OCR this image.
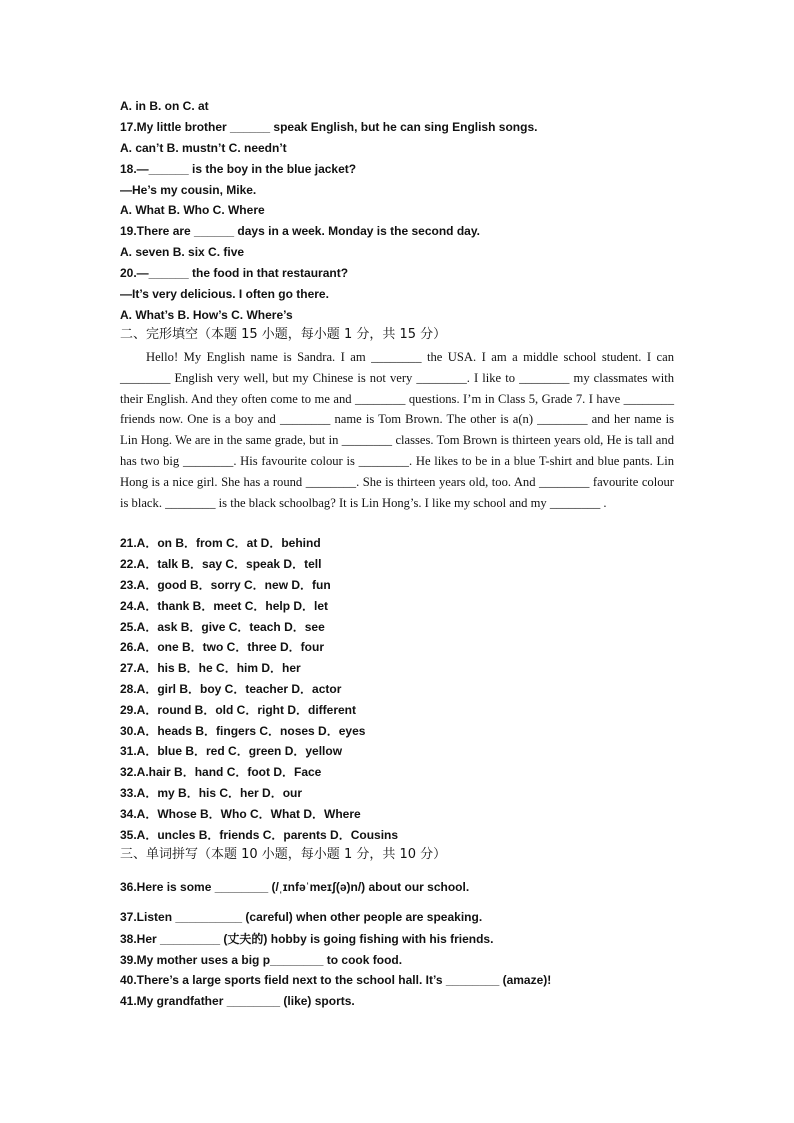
A. in B. on C. at
17.My little brother ______ speak English, but he can sing English songs.
A. can’t B. mustn’t C. needn’t
18.—______ is the boy in the blue jacket?
—He’s my cousin, Mike.
A. What B. Who C. Where
19.There are ______ days in a week. Monday is the second day.
A. seven B. six C. five
20.—______ the food in that restaurant?
—It’s very delicious. I often go there.
A. What’s B. How’s C. Where’s
二、完形填空（本题 15 小题，每小题 1 分，共 15 分）
Hello! My English name is Sandra. I am ________ the USA. I am a middle school student. I can ________ English very well, but my Chinese is not very ________. I like to ________ my classmates with their English. And they often come to me and ________ questions. I’m in Class 5, Grade 7. I have ________ friends now. One is a boy and ________ name is Tom Brown. The other is a(n) ________ and her name is Lin Hong. We are in the same grade, but in ________ classes. Tom Brown is thirteen years old, He is tall and has two big ________. His favourite colour is ________. He likes to be in a blue T-shirt and blue pants. Lin Hong is a nice girl. She has a round ________. She is thirteen years old, too. And ________ favourite colour is black. ________ is the black schoolbag? It is Lin Hong’s. I like my school and my ________ .
21.A．on B．from C．at D．behind
22.A．talk B．say C．speak D．tell
23.A．good B．sorry C．new D．fun
24.A．thank B．meet C．help D．let
25.A．ask B．give C．teach D．see
26.A．one B．two C．three D．four
27.A．his B．he C．him D．her
28.A．girl B．boy C．teacher D．actor
29.A．round B．old C．right D．different
30.A．heads B．fingers C．noses D．eyes
31.A．blue B．red C．green D．yellow
32.A.hair B．hand C．foot D．Face
33.A．my B．his C．her D．our
34.A．Whose B．Who C．What D．Where
35.A．uncles B．friends C．parents D．Cousins
三、单词拼写（本题 10 小题，每小题 1 分，共 10 分）
36.Here is some ________ (/ˌɪnfəˈmeɪʃ(ə)n/) about our school.
37.Listen __________ (careful) when other people are speaking.
38.Her _________ (丈夫的) hobby is going fishing with his friends.
39.My mother uses a big p________ to cook food.
40.There’s a large sports field next to the school hall. It’s ________ (amaze)!
41.My grandfather ________ (like) sports.
